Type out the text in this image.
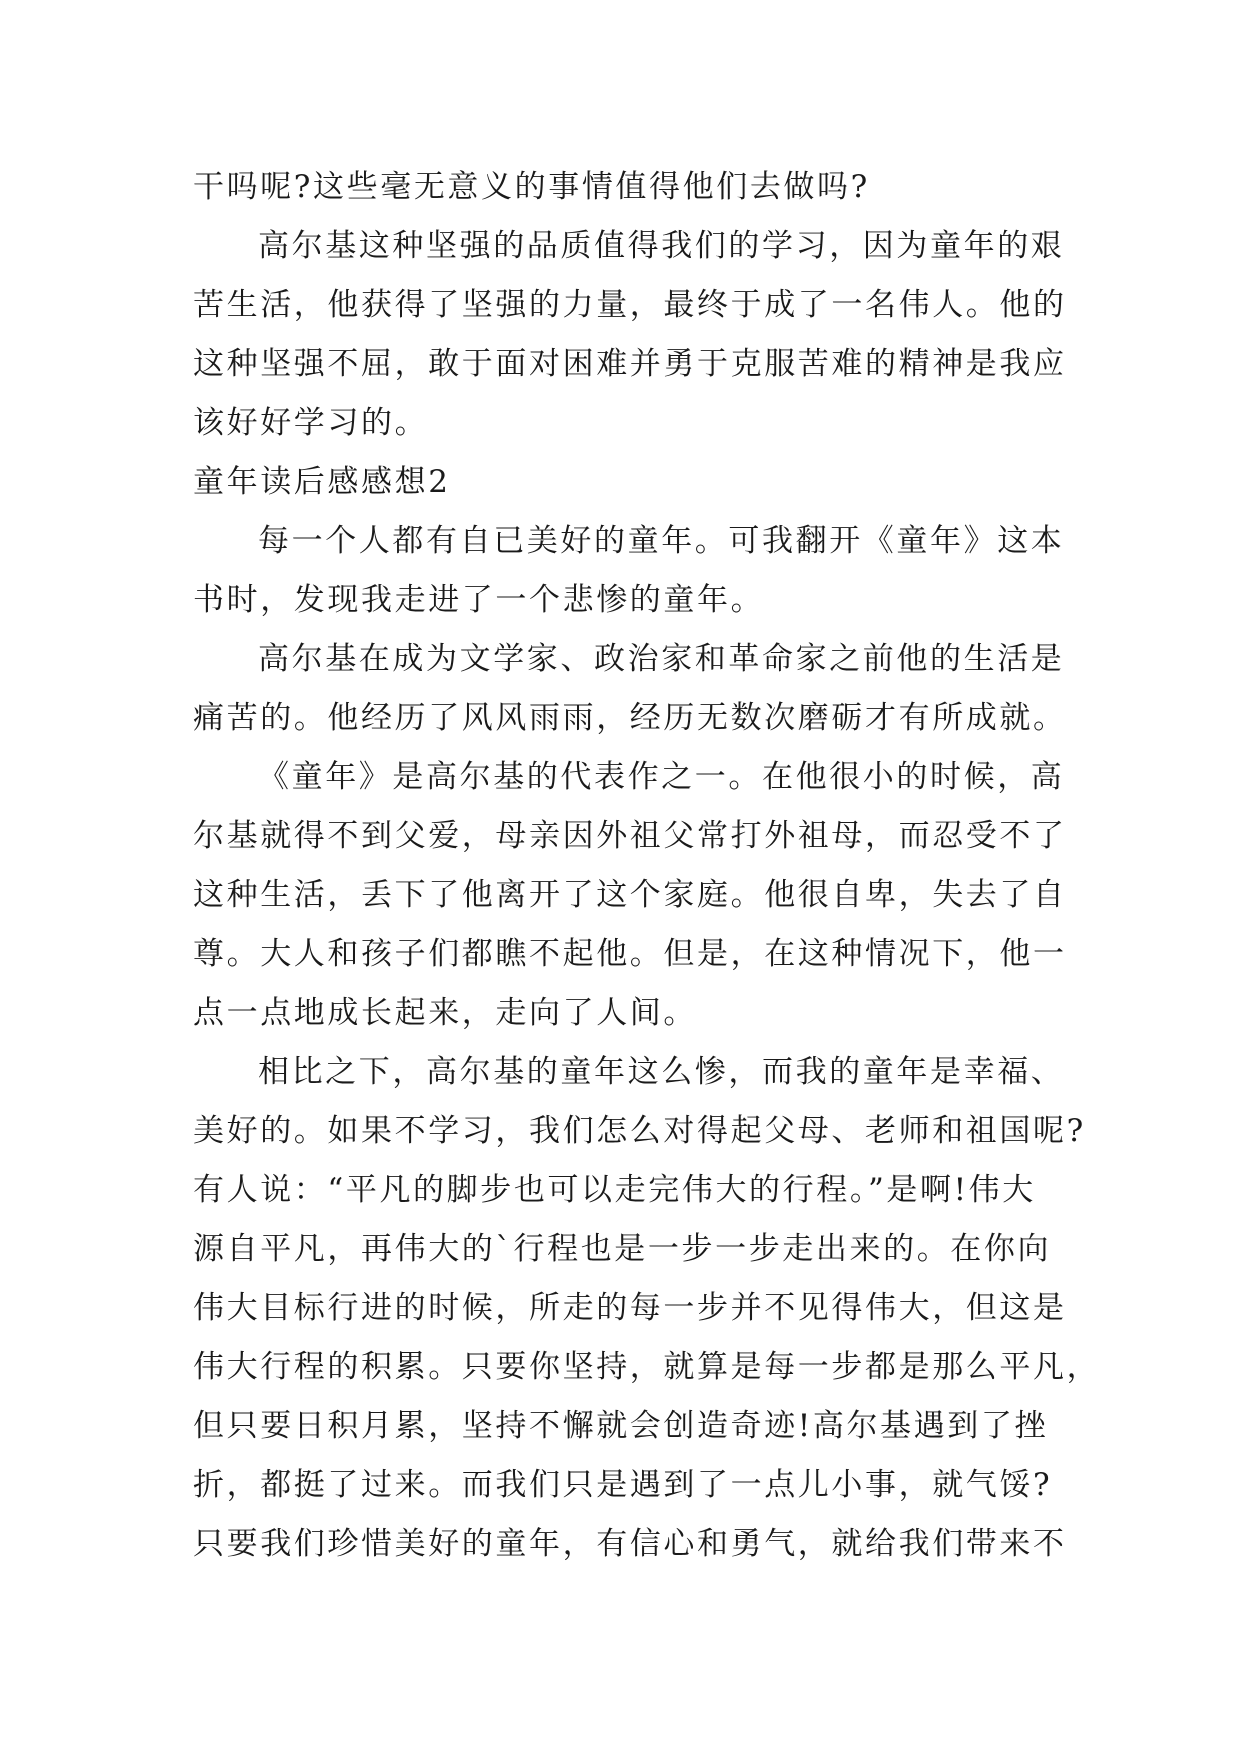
干吗呢?这些毫无意义的事情值得他们去做吗?

高尔基这种坚强的品质值得我们的学习，因为童年的艰

苦生活，他获得了坚强的力量，最终于成了一名伟人。他的

这种坚强不屈，敢于面对困难并勇于克服苦难的精神是我应

该好好学习的。

童年读后感感想2

每一个人都有自已美好的童年。可我翻开《童年》这本

书时，发现我走进了一个悲惨的童年。

高尔基在成为文学家、政治家和革命家之前他的生活是

痛苦的。他经历了风风雨雨，经历无数次磨砺才有所成就。

《童年》是高尔基的代表作之一。在他很小的时候，高

尔基就得不到父爱，母亲因外祖父常打外祖母，而忍受不了

这种生活，丢下了他离开了这个家庭。他很自卑，失去了自

尊。大人和孩子们都瞧不起他。但是，在这种情况下，他一

点一点地成长起来，走向了人间。

相比之下，高尔基的童年这么惨，而我的童年是幸福、

美好的。如果不学习，我们怎么对得起父母、老师和祖国呢?

有人说：“平凡的脚步也可以走完伟大的行程。”是啊!伟大

源自平凡，再伟大的`行程也是一步一步走出来的。在你向

伟大目标行进的时候，所走的每一步并不见得伟大，但这是

伟大行程的积累。只要你坚持，就算是每一步都是那么平凡，

但只要日积月累，坚持不懈就会创造奇迹!高尔基遇到了挫

折，都挺了过来。而我们只是遇到了一点儿小事，就气馁?

只要我们珍惜美好的童年，有信心和勇气，就给我们带来不
